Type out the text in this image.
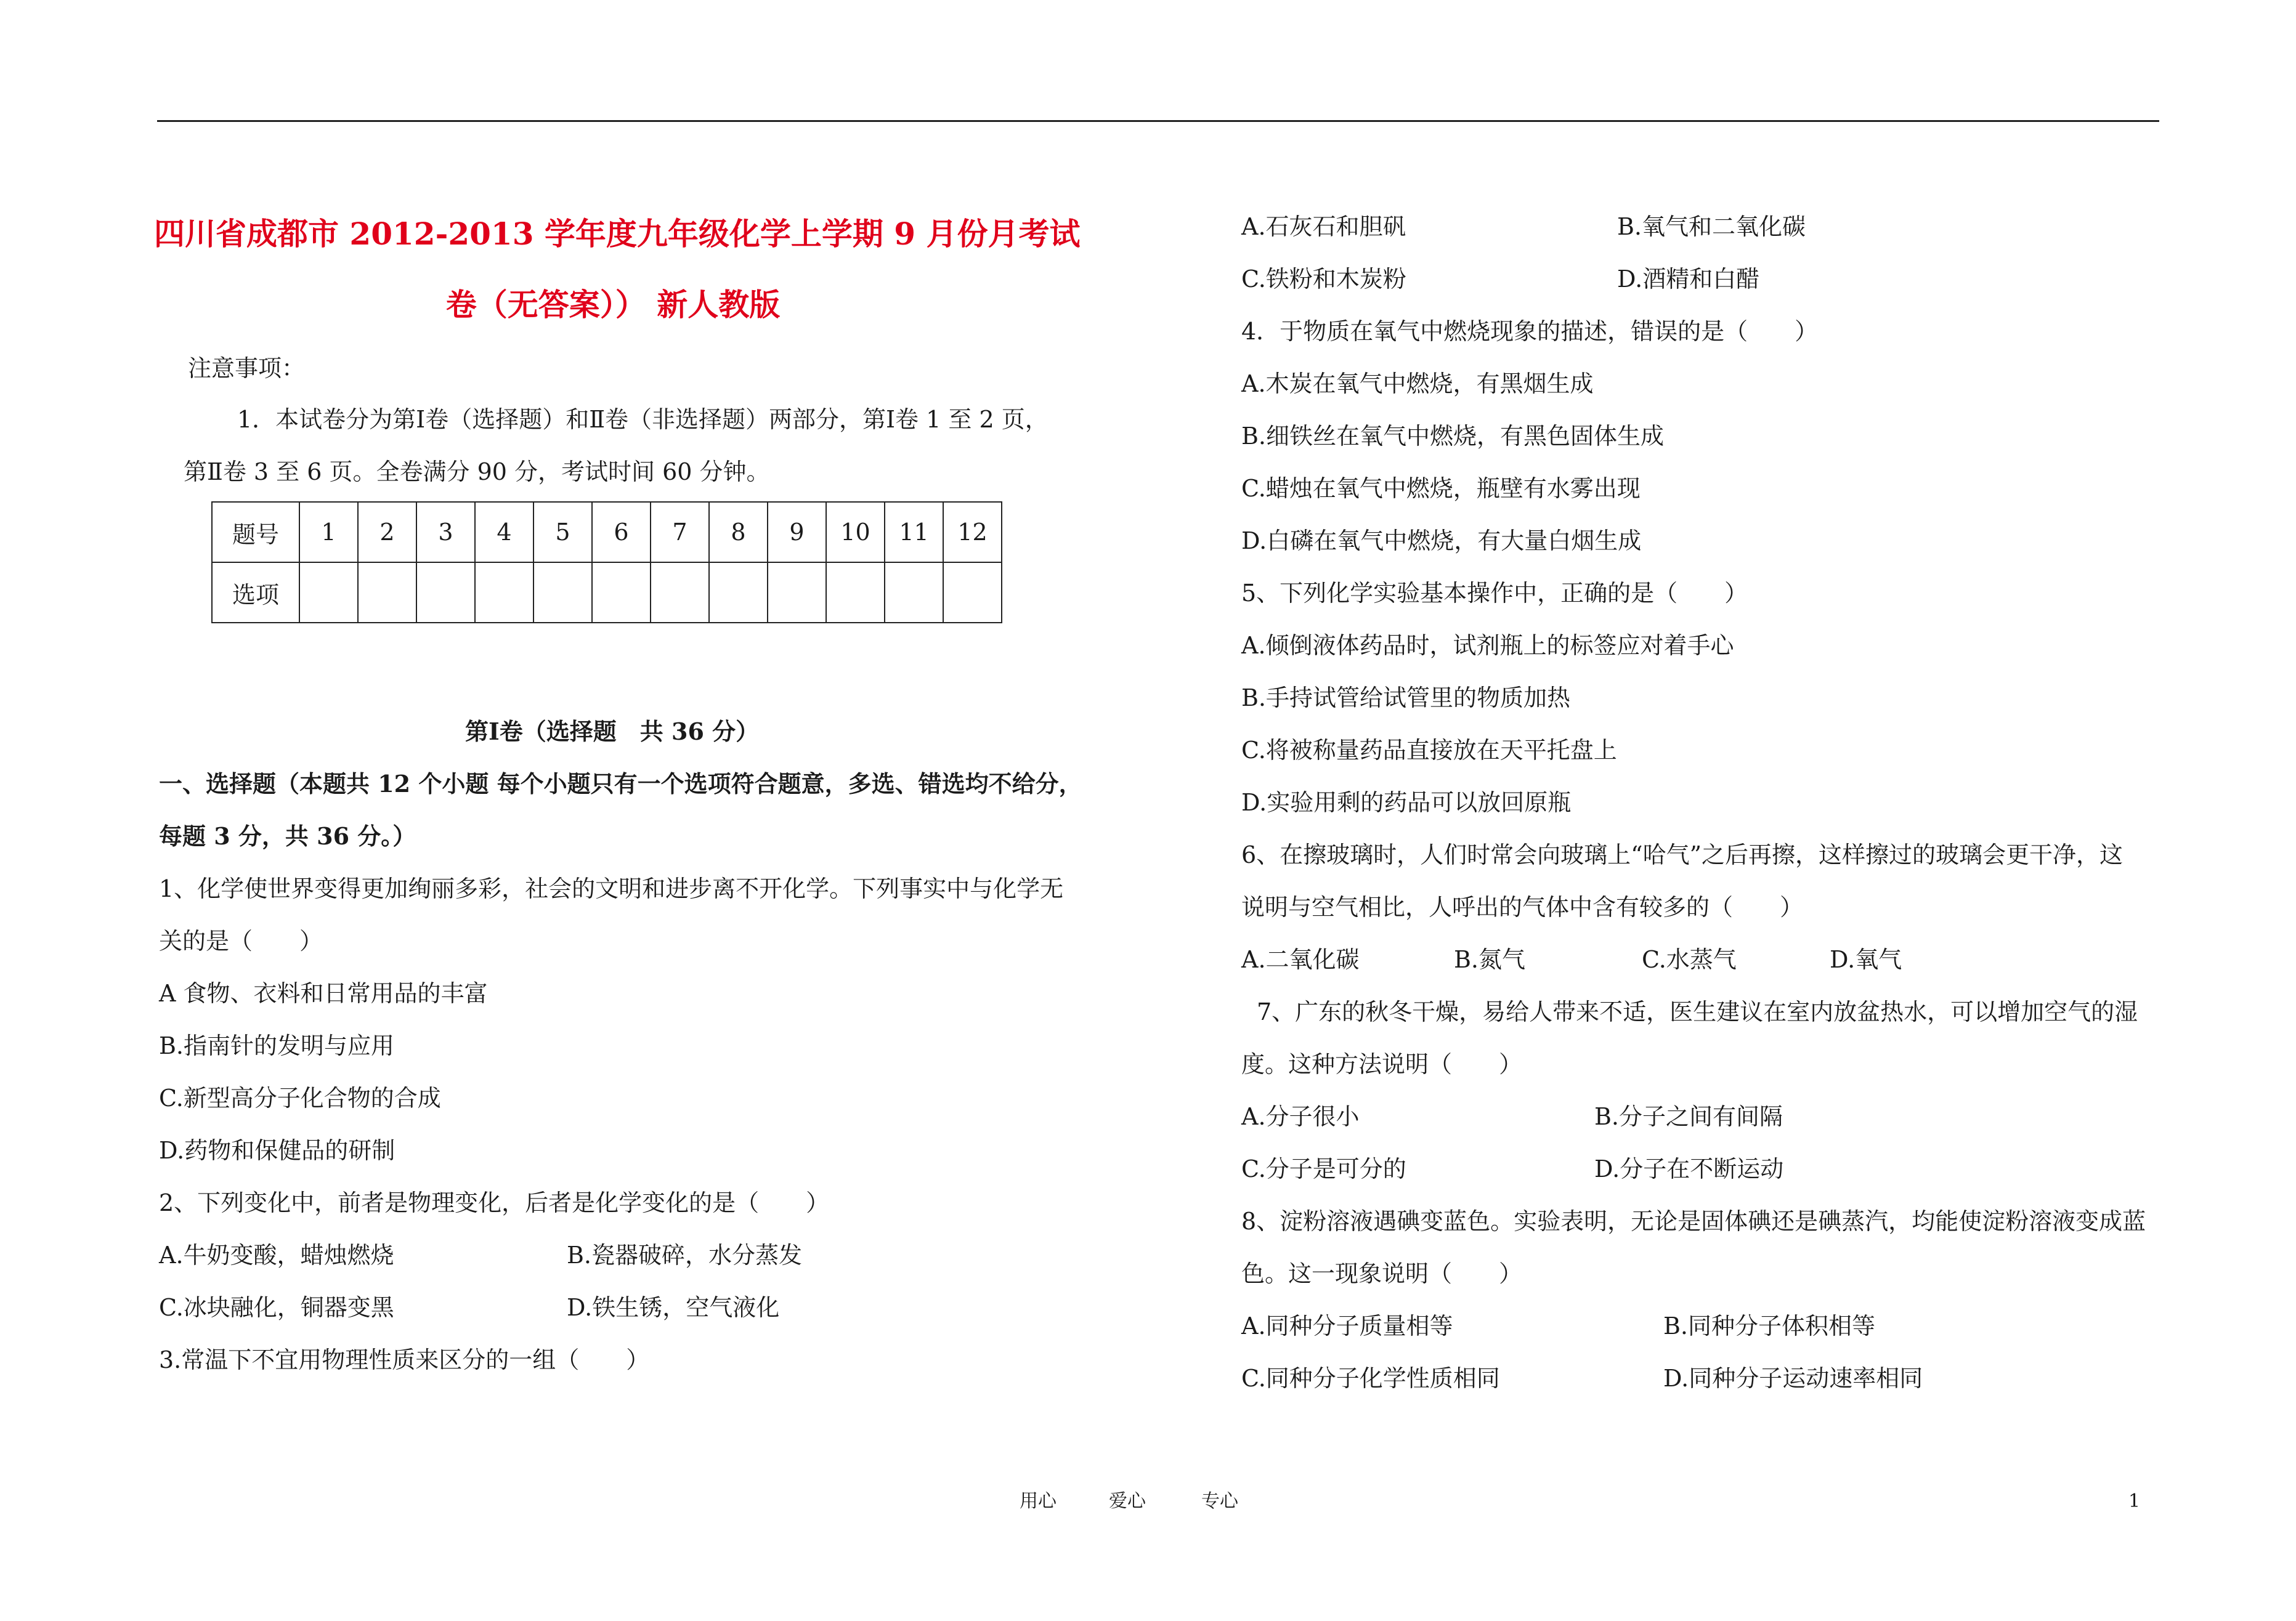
四川省成都市 2012-2013 学年度九年级化学上学期 9 月份月考试
卷（无答案）） 新人教版
注意事项：
1．本试卷分为第Ⅰ卷（选择题）和Ⅱ卷（非选择题）两部分，第Ⅰ卷 1 至 2 页，
第Ⅱ卷 3 至 6 页。全卷满分 90 分，考试时间 60 分钟。
题号	1	2	3	4	5	6	7	8	9	10	11	12
选项												
第Ⅰ卷（选择题　共 36 分）
一、选择题（本题共 12 个小题 每个小题只有一个选项符合题意，多选、错选均不给分，
每题 3 分，共 36 分。）
1、化学使世界变得更加绚丽多彩，社会的文明和进步离不开化学。下列事实中与化学无
关的是（　　）
A 食物、衣料和日常用品的丰富
B.指南针的发明与应用
C.新型高分子化合物的合成
D.药物和保健品的研制
2、下列变化中，前者是物理变化，后者是化学变化的是（　　）
A.牛奶变酸，蜡烛燃烧	B.瓷器破碎，水分蒸发
C.冰块融化，铜器变黑	D.铁生锈，空气液化
3.常温下不宜用物理性质来区分的一组（　　）
A.石灰石和胆矾	B.氧气和二氧化碳
C.铁粉和木炭粉	D.酒精和白醋
4．于物质在氧气中燃烧现象的描述，错误的是（　　）
A.木炭在氧气中燃烧，有黑烟生成
B.细铁丝在氧气中燃烧，有黑色固体生成
C.蜡烛在氧气中燃烧，瓶壁有水雾出现
D.白磷在氧气中燃烧，有大量白烟生成
5、下列化学实验基本操作中，正确的是（　　）
A.倾倒液体药品时，试剂瓶上的标签应对着手心
B.手持试管给试管里的物质加热
C.将被称量药品直接放在天平托盘上
D.实验用剩的药品可以放回原瓶
6、在擦玻璃时，人们时常会向玻璃上“哈气”之后再擦，这样擦过的玻璃会更干净，这
说明与空气相比，人呼出的气体中含有较多的（　　）
A.二氧化碳	B.氮气	C.水蒸气	D.氧气
7、广东的秋冬干燥，易给人带来不适，医生建议在室内放盆热水，可以增加空气的湿
度。这种方法说明（　　）
A.分子很小	B.分子之间有间隔
C.分子是可分的	D.分子在不断运动
8、淀粉溶液遇碘变蓝色。实验表明，无论是固体碘还是碘蒸汽，均能使淀粉溶液变成蓝
色。这一现象说明（　　）
A.同种分子质量相等	B.同种分子体积相等
C.同种分子化学性质相同	D.同种分子运动速率相同
用心	爱心	专心	1
